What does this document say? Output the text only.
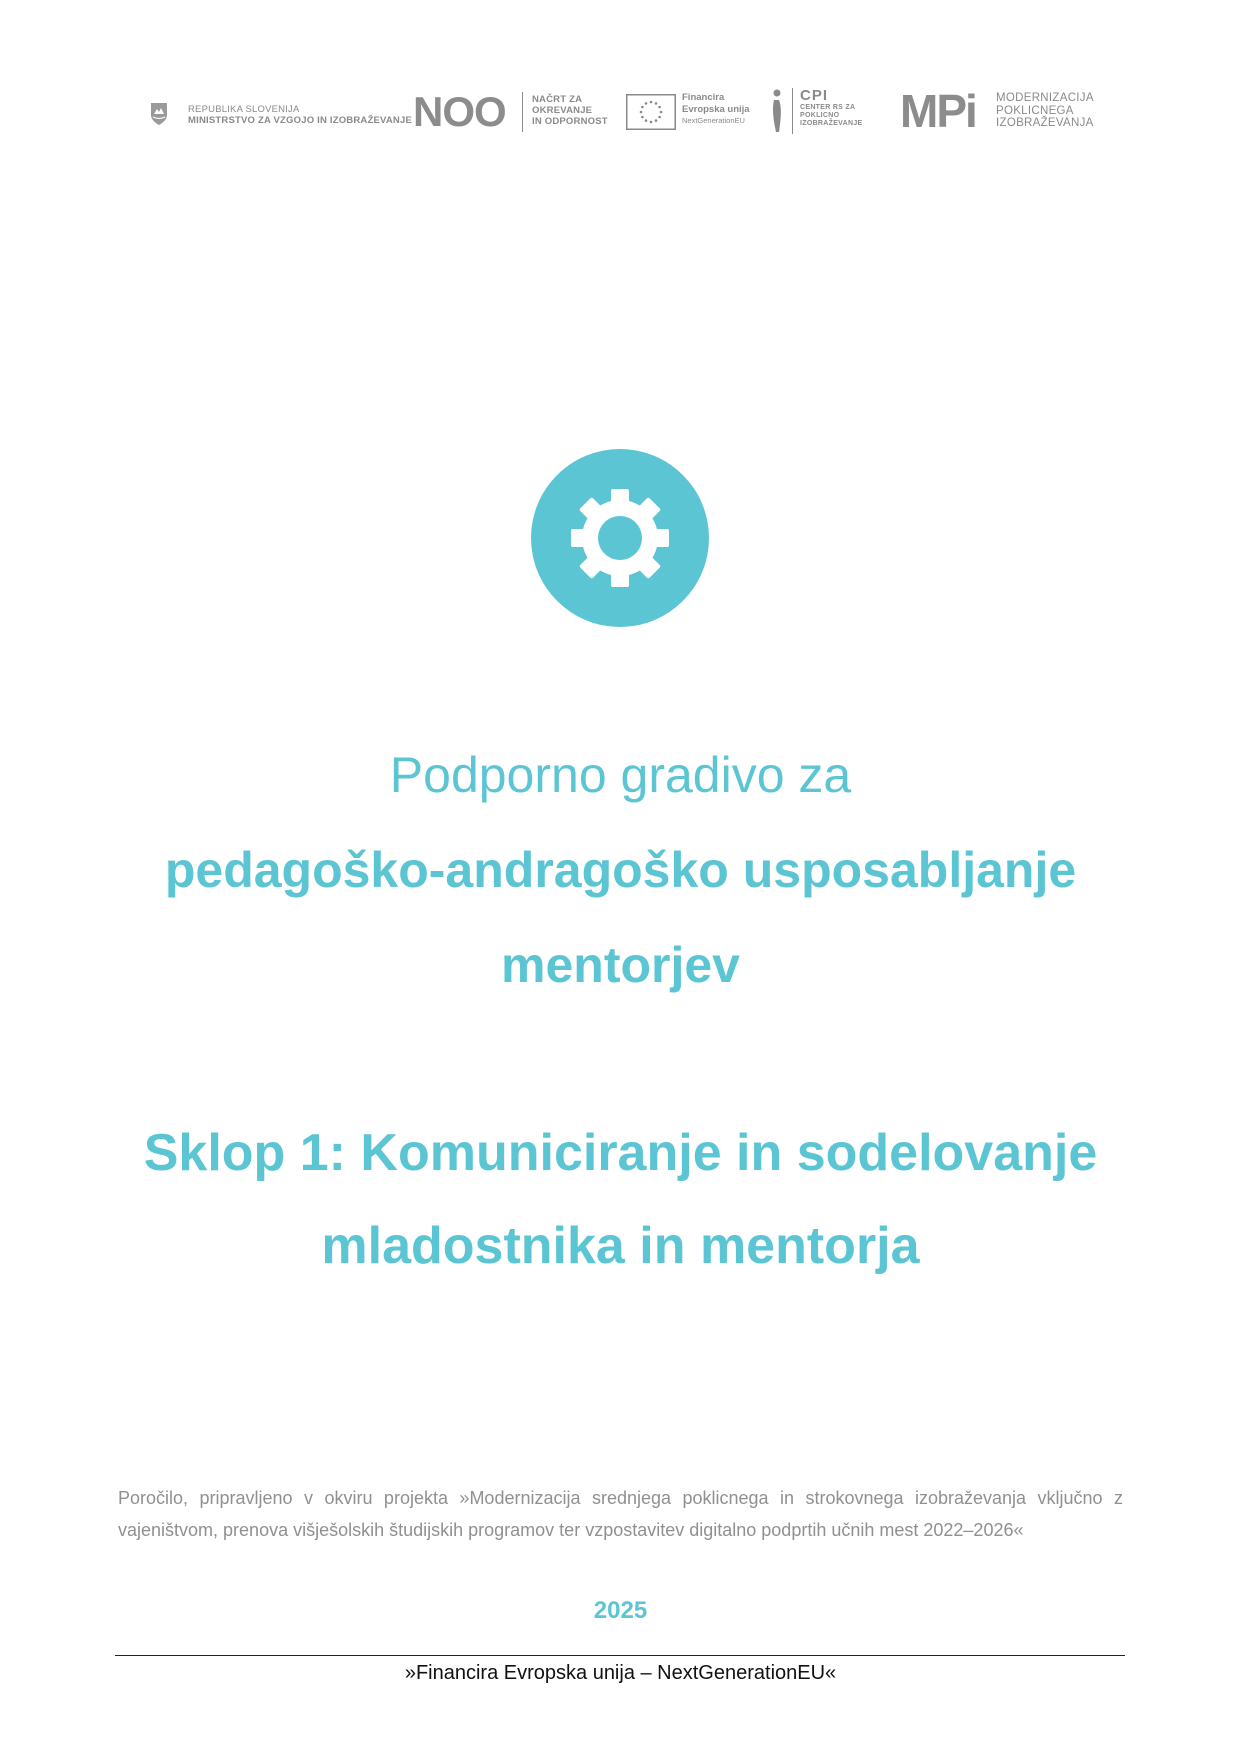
REPUBLIKA SLOVENIJA
MINISTRSTVO ZA VZGOJO IN IZOBRAŽEVANJE NOO	NAČRT ZA
OKREVANJE
IN ODPORNOST
Financira
Evropska unija
NextGenerationEU
CPI
CENTER RS ZA
POKLICNO
IZOBRAŽEVANJE MPi MODERNIZACIJA
POKLICNEGA
IZOBRAŽEVANJA
Podporno gradivo za
pedagoško-andragoško usposabljanje
mentorjev
Sklop 1: Komuniciranje in sodelovanje
mladostnika in mentorja
Poročilo, pripravljeno v okviru projekta »Modernizacija srednjega poklicnega in strokovnega izobraževanja vključno z vajeništvom, prenova višješolskih študijskih programov ter vzpostavitev digitalno podprtih učnih mest 2022–2026«
2025
»Financira Evropska unija – NextGenerationEU«
